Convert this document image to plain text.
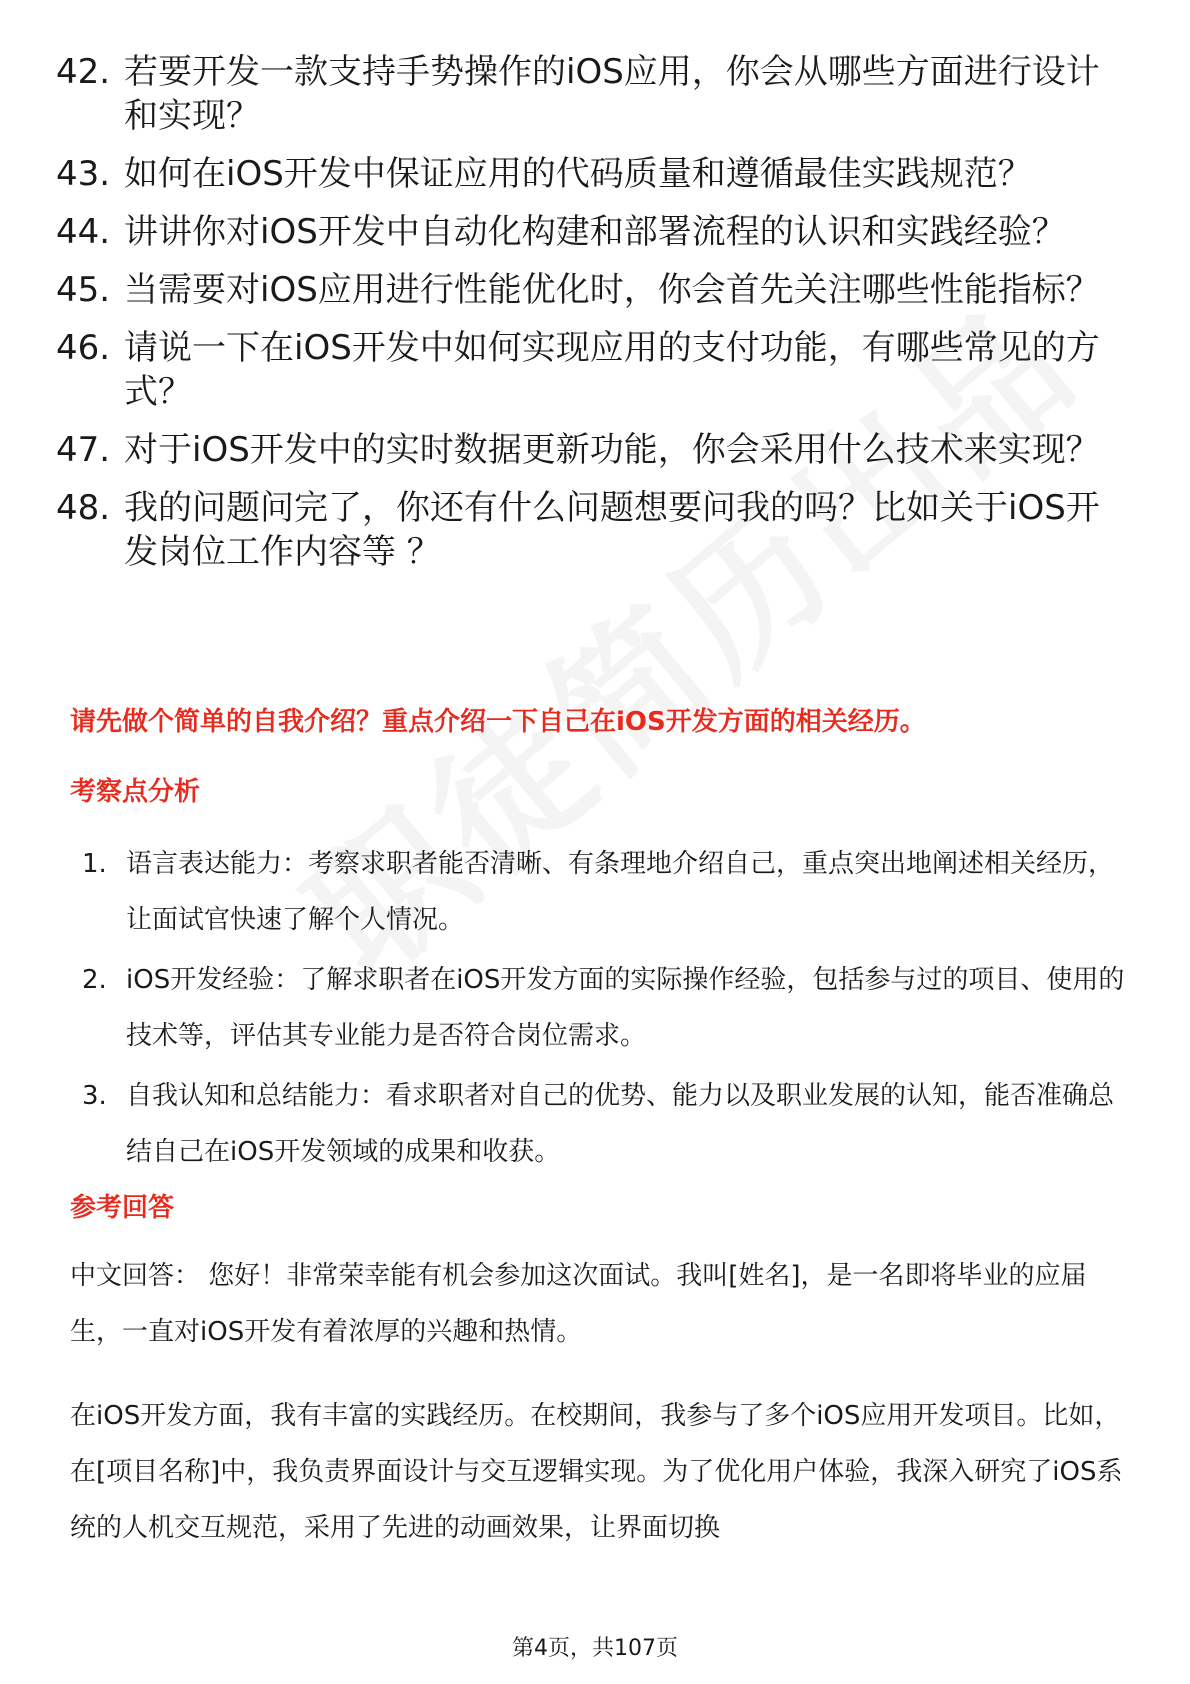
42. 若要开发一款支持手势操作的iOS应用，你会从哪些方面进行设计和实现？
43. 如何在iOS开发中保证应用的代码质量和遵循最佳实践规范？
44. 讲讲你对iOS开发中自动化构建和部署流程的认识和实践经验？
45. 当需要对iOS应用进行性能优化时，你会首先关注哪些性能指标？
46. 请说一下在iOS开发中如何实现应用的支付功能，有哪些常见的方式？
47. 对于iOS开发中的实时数据更新功能，你会采用什么技术来实现？
48. 我的问题问完了，你还有什么问题想要问我的吗？比如关于iOS开发岗位工作内容等 ？
请先做个简单的自我介绍？重点介绍一下自己在iOS开发方面的相关经历。
考察点分析
1. 语言表达能力：考察求职者能否清晰、有条理地介绍自己，重点突出地阐述相关经历，让面试官快速了解个人情况。
2. iOS开发经验：了解求职者在iOS开发方面的实际操作经验，包括参与过的项目、使用的技术等，评估其专业能力是否符合岗位需求。
3. 自我认知和总结能力：看求职者对自己的优势、能力以及职业发展的认知，能否准确总结自己在iOS开发领域的成果和收获。
参考回答

中文回答： 您好！非常荣幸能有机会参加这次面试。我叫[姓名]，是一名即将毕业的应届生，一直对iOS开发有着浓厚的兴趣和热情。

在iOS开发方面，我有丰富的实践经历。在校期间，我参与了多个iOS应用开发项目。比如，在[项目名称]中，我负责界面设计与交互逻辑实现。为了优化用户体验，我深入研究了iOS系统的人机交互规范，采用了先进的动画效果，让界面切换

第4页，共107页
